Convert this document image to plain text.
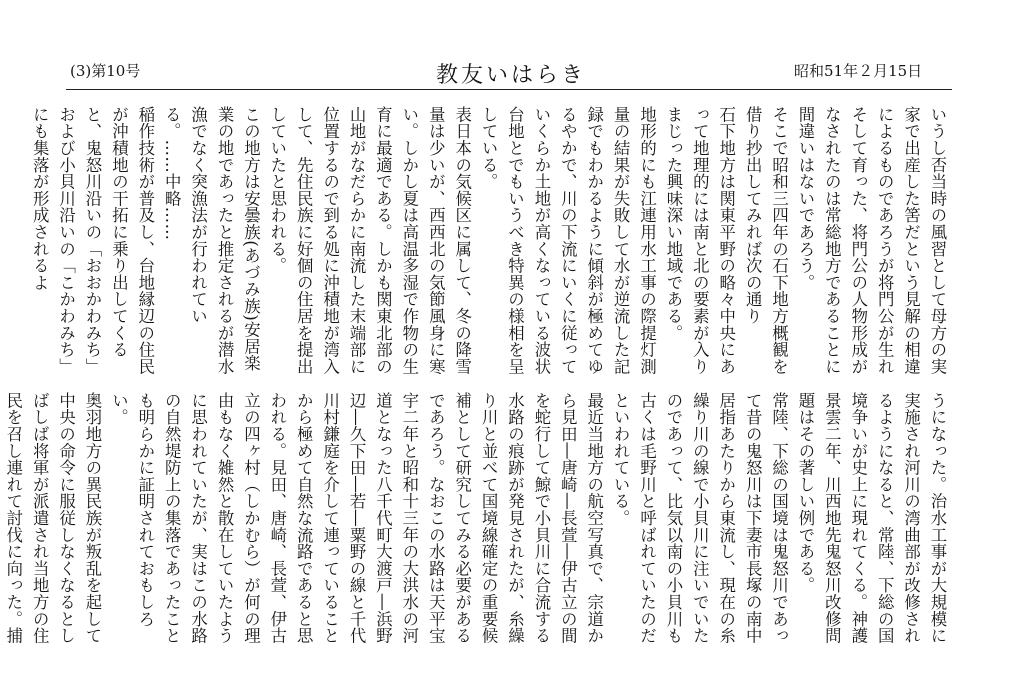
(3)第10号	教友いはらき	昭和51年２月15日

いうし否当時の風習として母方の実家で出産した筈だという見解の相違によるものであろうが将門公が生れそして育った、将門公の人物形成がなされたのは常総地方であることに間違いはないであろう。

そこで昭和三四年の石下地方概観を借り抄出してみれば次の通り

石下地方は関東平野の略々中央にあって地理的には南と北の要素が入りまじった興味深い地域である。

地形的にも江連用水工事の際提灯測量の結果が失敗して水が逆流した記録でもわかるように傾斜が極めてゆるやかで、川の下流にいくに従っていくらか土地が高くなっている波状台地とでもいうべき特異の様相を呈している。

表日本の気候区に属して、冬の降雪量は少いが、西西北の気節風身に寒い。しかし夏は高温多湿で作物の生育に最適である。しかも関東北部の山地がなだらかに南流した末端部に位置するので到る処に沖積地が湾入して、先住民族に好個の住居を提出していたと思われる。

この地方は安曇族(あづみ族)安居楽業の地であったと推定されるが潜水漁でなく突漁法が行われている。……中略……

稲作技術が普及し、台地縁辺の住民が沖積地の干拓に乗り出してくると、鬼怒川沿いの「おおかわみち」および小貝川沿いの「こかわみち」にも集落が形成されるよ

うになった。治水工事が大規模に実施され河川の湾曲部が改修されるようになると、常陸、下総の国境争いが史上に現れてくる。神護景雲二年、川西地先鬼怒川改修問題はその著しい例である。

常陸、下総の国境は鬼怒川であって昔の鬼怒川は下妻市長塚の南中居指あたりから東流し、現在の糸繰り川の線で小貝川に注いでいたのであって、比気以南の小貝川も古くは毛野川と呼ばれていたのだといわれている。

最近当地方の航空写真で、宗道から見田―唐崎―長萱―伊古立の間を蛇行して鯨で小貝川に合流する水路の痕跡が発見されたが、糸繰り川と並べて国境線確定の重要候補として研究してみる必要があるであろう。なおこの水路は天平宝宇二年と昭和十三年の大洪水の河道となった八千代町大渡戸―浜野辺―久下田―若―粟野の線と千代川村鎌庭を介して連っていることから極めて自然な流路であると思われる。見田、唐崎、長萱、伊古立の四ヶ村（しかむら）が何の理由もなく雑然と散在していたように思われていたが、実はこの水路の自然堤防上の集落であったことも明らかに証明されておもしろい。

奥羽地方の異民族が叛乱を起して中央の命令に服従しなくなるとしばしば将軍が派遣され当地方の住民を召し連れて討伐に向った。捕
